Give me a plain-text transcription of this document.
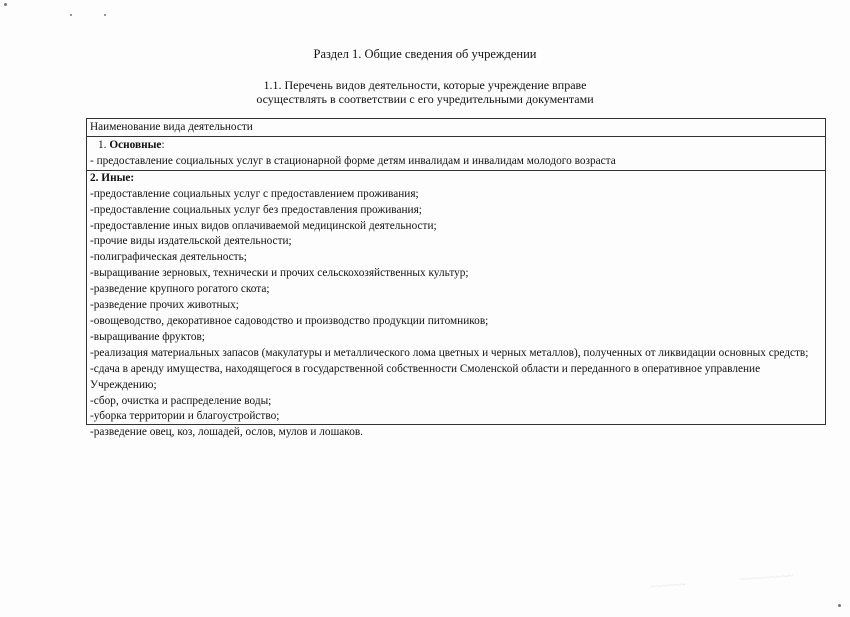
~~~~~~
~~~~~~~~~
Раздел 1. Общие сведения об учреждении
1.1. Перечень видов деятельности, которые учреждение вправе
осуществлять в соответствии с его учредительными документами
Наименование вида деятельности
1. Основные:
- предоставление социальных услуг в стационарной форме детям инвалидам и инвалидам молодого возраста
2. Иные:
-предоставление социальных услуг с предоставлением проживания;
-предоставление социальных услуг без предоставления проживания;
-предоставление иных видов оплачиваемой медицинской деятельности;
-прочие виды издательской деятельности;
-полиграфическая деятельность;
-выращивание зерновых, технически и прочих сельскохозяйственных культур;
-разведение крупного рогатого скота;
-разведение прочих животных;
-овощеводство, декоративное садоводство и производство продукции питомников;
-выращивание фруктов;
-реализация материальных запасов (макулатуры и металлического лома цветных и черных металлов), полученных от ликвидации основных средств;
-сдача в аренду имущества, находящегося в государственной собственности Смоленской области и переданного в оперативное управление Учреждению;
-сбор, очистка и распределение воды;
-уборка территории и благоустройство;
-разведение овец, коз, лошадей, ослов, мулов и лошаков.
